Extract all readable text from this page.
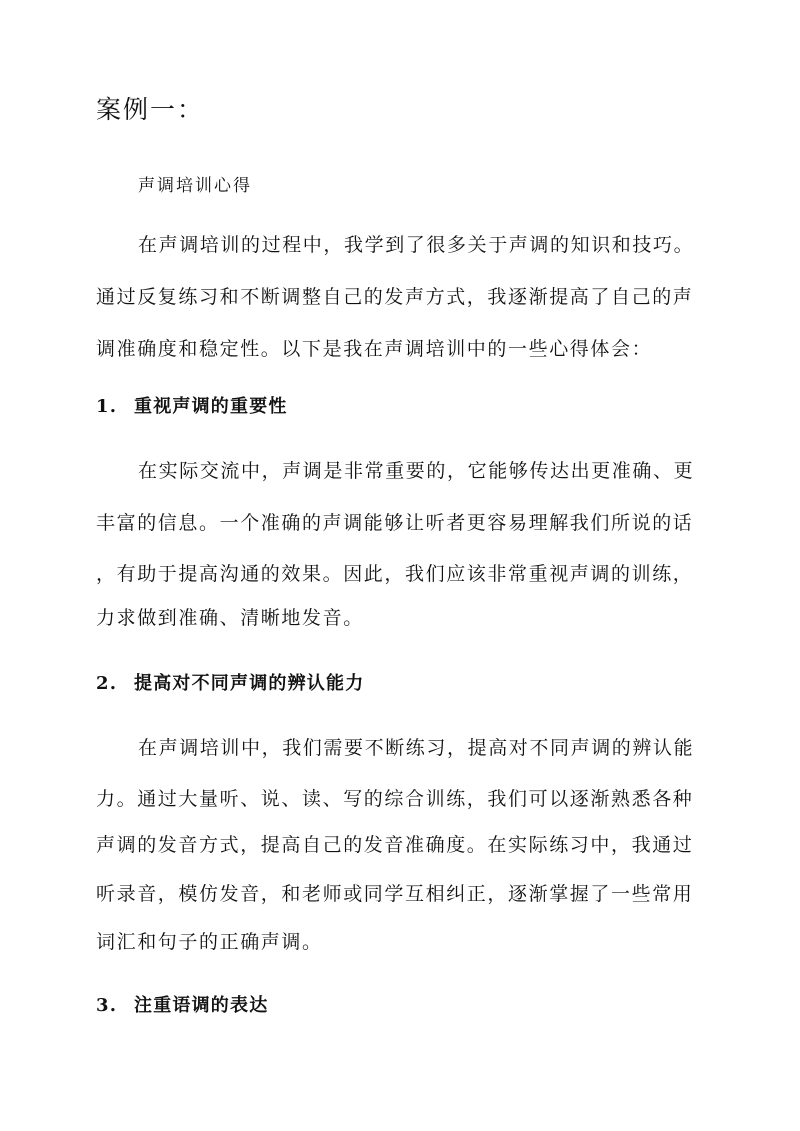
案例一：
声调培训心得
在声调培训的过程中，我学到了很多关于声调的知识和技巧。
通过反复练习和不断调整自己的发声方式，我逐渐提高了自己的声
调准确度和稳定性。以下是我在声调培训中的一些心得体会：
1. 重视声调的重要性
在实际交流中，声调是非常重要的，它能够传达出更准确、更
丰富的信息。一个准确的声调能够让听者更容易理解我们所说的话
，有助于提高沟通的效果。因此，我们应该非常重视声调的训练，
力求做到准确、清晰地发音。
2. 提高对不同声调的辨认能力
在声调培训中，我们需要不断练习，提高对不同声调的辨认能
力。通过大量听、说、读、写的综合训练，我们可以逐渐熟悉各种
声调的发音方式，提高自己的发音准确度。在实际练习中，我通过
听录音，模仿发音，和老师或同学互相纠正，逐渐掌握了一些常用
词汇和句子的正确声调。
3. 注重语调的表达
